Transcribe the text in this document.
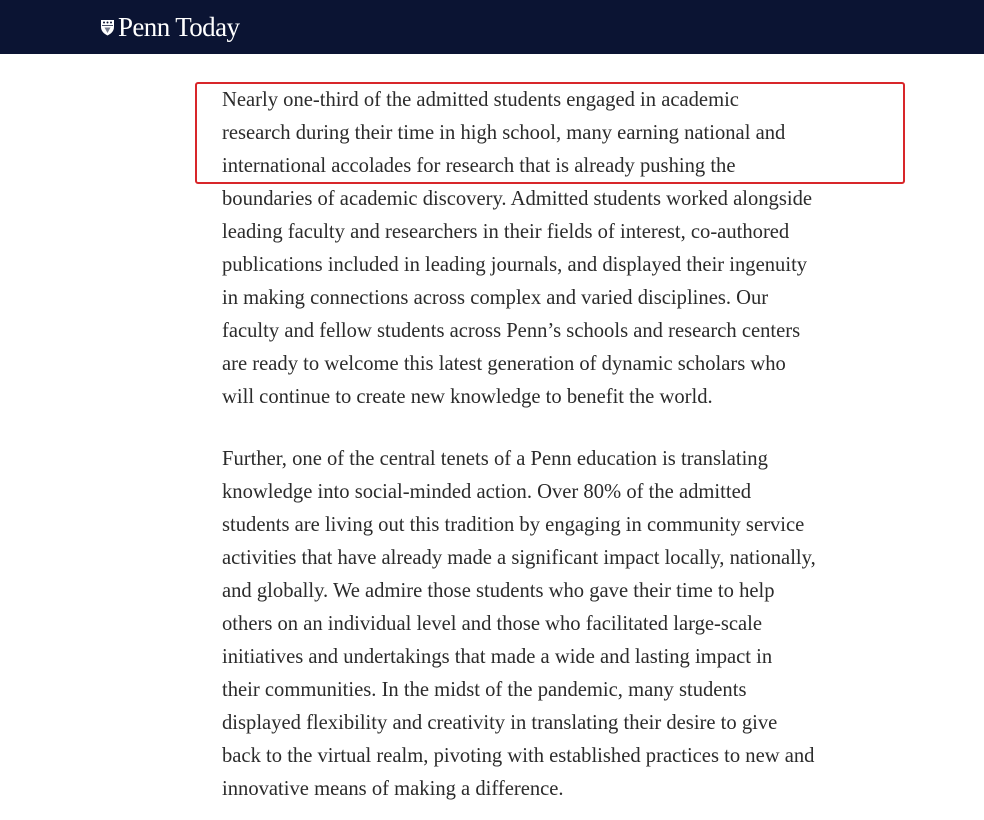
Penn Today

Nearly one-third of the admitted students engaged in academic
research during their time in high school, many earning national and
international accolades for research that is already pushing the
boundaries of academic discovery. Admitted students worked alongside
leading faculty and researchers in their fields of interest, co-authored
publications included in leading journals, and displayed their ingenuity
in making connections across complex and varied disciplines. Our
faculty and fellow students across Penn’s schools and research centers
are ready to welcome this latest generation of dynamic scholars who
will continue to create new knowledge to benefit the world.

Further, one of the central tenets of a Penn education is translating
knowledge into social-minded action. Over 80% of the admitted
students are living out this tradition by engaging in community service
activities that have already made a significant impact locally, nationally,
and globally. We admire those students who gave their time to help
others on an individual level and those who facilitated large-scale
initiatives and undertakings that made a wide and lasting impact in
their communities. In the midst of the pandemic, many students
displayed flexibility and creativity in translating their desire to give
back to the virtual realm, pivoting with established practices to new and
innovative means of making a difference.
